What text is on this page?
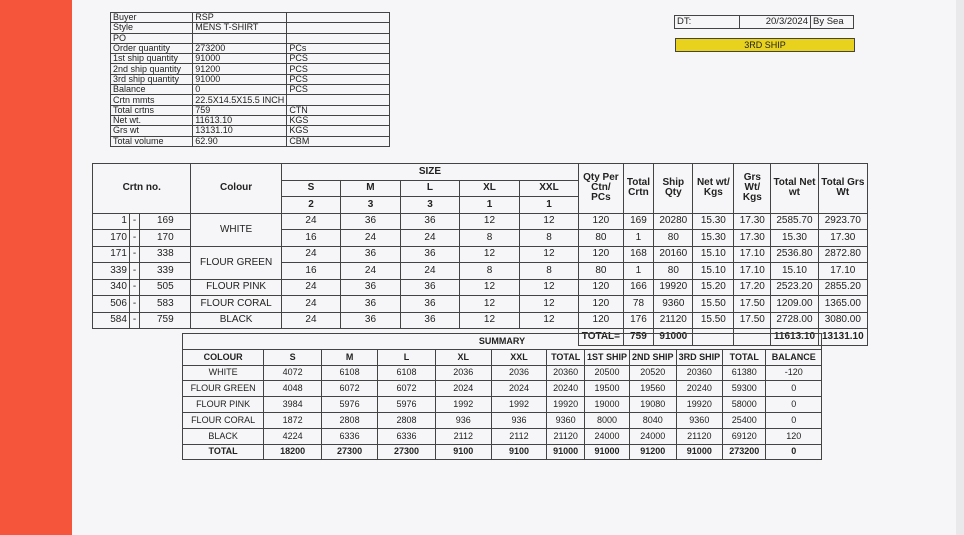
Buyer	RSP	
Style	MENS T-SHIRT	
PO		
Order quantity	273200	PCs
1st ship quantity	91000	PCS
2nd ship quantity	91200	PCS
3rd ship quantity	91000	PCS
Balance	0	PCS
Crtn mmts	22.5X14.5X15.5 INCH	
Total crtns	759	CTN
Net wt.	11613.10	KGS
Grs wt	13131.10	KGS
Total volume	62.90	CBM
DT:	20/3/2024	By Sea
3RD SHIP
Crtn no.			Colour	SIZE					Qty Per Ctn/ PCs	Total Crtn	Ship Qty	Net wt/ Kgs	Grs Wt/ Kgs	Total Net wt	Total Grs Wt
				S	M	L	XL	XXL							
				2	3	3	1	1							
1	-	169	WHITE	24	36	36	12	12	120	169	20280	15.30	17.30	2585.70	2923.70
170	-	170		16	24	24	8	8	80	1	80	15.30	17.30	15.30	17.30
171	-	338	FLOUR GREEN	24	36	36	12	12	120	168	20160	15.10	17.10	2536.80	2872.80
339	-	339		16	24	24	8	8	80	1	80	15.10	17.10	15.10	17.10
340	-	505	FLOUR PINK	24	36	36	12	12	120	166	19920	15.20	17.20	2523.20	2855.20
506	-	583	FLOUR CORAL	24	36	36	12	12	120	78	9360	15.50	17.50	1209.00	1365.00
584	-	759	BLACK	24	36	36	12	12	120	176	21120	15.50	17.50	2728.00	3080.00
									TOTAL=	759	91000			11613.10	13131.10
SUMMARY											
COLOUR	S	M	L	XL	XXL	TOTAL	1ST SHIP	2ND SHIP	3RD SHIP	TOTAL	BALANCE
WHITE	4072	6108	6108	2036	2036	20360	20500	20520	20360	61380	-120
FLOUR GREEN	4048	6072	6072	2024	2024	20240	19500	19560	20240	59300	0
FLOUR PINK	3984	5976	5976	1992	1992	19920	19000	19080	19920	58000	0
FLOUR CORAL	1872	2808	2808	936	936	9360	8000	8040	9360	25400	0
BLACK	4224	6336	6336	2112	2112	21120	24000	24000	21120	69120	120
TOTAL	18200	27300	27300	9100	9100	91000	91000	91200	91000	273200	0
